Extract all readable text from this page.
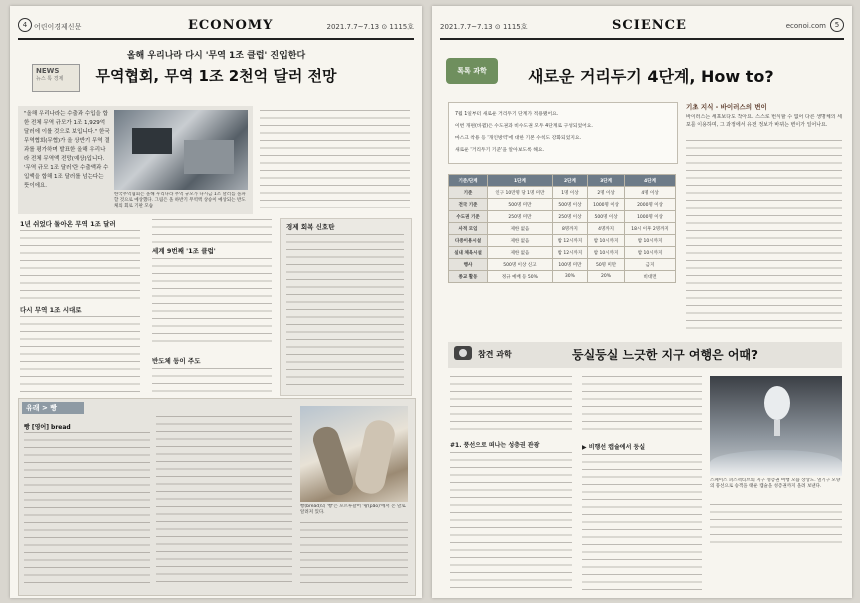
4 어린이경제신문	ECONOMY	2021.7.7~7.13 ⊙ 1115호
올해 우리나라 다시 '무역 1조 클럽' 진입한다
무역협회, 무역 1조 2천억 달러 전망
NEWS
뉴스 톡 경제
"올해 우리나라는 수출과 수입을 합한 전체 무역 규모가 1조 1,929억 달러에 이를 것으로 보입니다." 한국무역협회(무협)가 올 상반기 무역 결과를 평가하며 발표한 올해 우리나라 전체 무역액 전망(예상)입니다. '무역 규모 1조 달러'란 수출액과 수입액을 합해 1조 달러를 넘는다는 뜻이에요.
한국무역협회는 올해 우리나라 무역 규모가 다시금 1조 달러를 돌파할 것으로 예상했다. 그림은 올 하반기 무역액 상승이 예상되는 반도체의 회로 기판 모습
1년 쉬었다 돌아온 무역 1조 달러
다시 무역 1조 시대로
세계 9번째 '1조 클럽'
반도체 등이 주도
경제 회복 신호탄
유래 > 빵
빵 [영어] bread
빵(bread)의 '빵'은 포르투갈어 '팡(pão)'에서 온 말로 알려져 있다.
2021.7.7~7.13 ⊙ 1115호	SCIENCE	econoi.com	5
톡톡 과학	새로운 거리두기 4단계, How to?
7월 1일부터 새로운 거리두기 단계가 적용됐어요.
이번 개편(바뀜)은 수도권과 비수도권 모두 4단계로 구성되었어요.
마스크 착용 등 '개인방역'에 대한 기본 수칙도 강화되었지요.
새로운 '거리두기 기준'을 알아보도록 해요.
기준/단계	1단계	2단계	3단계	4단계
기준	인구 10만명 당 1명 미만	1명 이상	2명 이상	4명 이상
전국 기준	500명 미만	500명 이상	1000명 이상	2000명 이상
수도권 기준	250명 미만	250명 이상	500명 이상	1000명 이상
사적 모임	제한 없음	8명까지	4명까지	18시 이후 2명까지
다중이용시설	제한 없음	밤 12시까지	밤 10시까지	밤 10시까지
실내 체육시설	제한 없음	밤 12시까지	밤 10시까지	밤 10시까지
행사	500명 이상 신고	100명 미만	50명 미만	금지
종교 활동	정규 예배 등 50%	30%	20%	비대면
기초 지식 - 바이러스의 변이
바이러스는 세포보다도 작아요. 스스로 번식할 수 없어 다른 생명체의 세포를 이용하며, 그 과정에서 유전 정보가 바뀌는 변이가 일어나요.
참견 과학	둥실둥실 느긋한 지구 여행은 어때?
#1. 풍선으로 떠나는 성층권 관광	▶ 비행선 캡슐에서 둥실
스페이스 퍼스펙티브의 지구 성층권 여행 모습 상상도. 열기구 모양의 풍선으로 승객을 태운 캡슐을 성층권까지 올려 보낸다.
